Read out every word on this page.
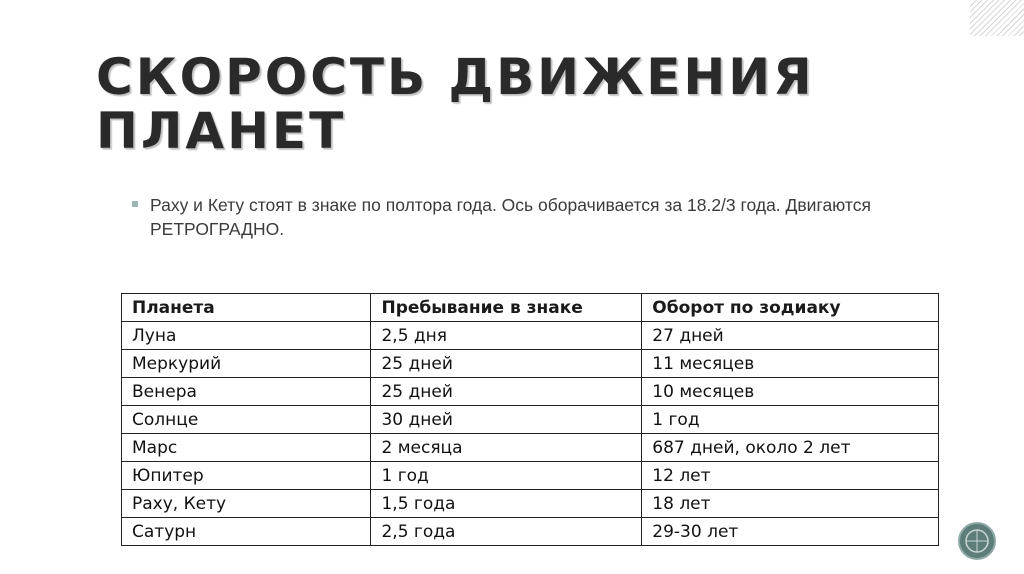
СКОРОСТЬ ДВИЖЕНИЯ
ПЛАНЕТ
Раху и Кету стоят в знаке по полтора года. Ось оборачивается за 18.2/3 года. Двигаются РЕТРОГРАДНО.
Планета	Пребывание в знаке	Оборот по зодиаку
Луна	2,5 дня	27 дней
Меркурий	25 дней	11 месяцев
Венера	25 дней	10 месяцев
Солнце	30 дней	1 год
Марс	2 месяца	687 дней, около 2 лет
Юпитер	1 год	12 лет
Раху, Кету	1,5 года	18 лет
Сатурн	2,5 года	29-30 лет
